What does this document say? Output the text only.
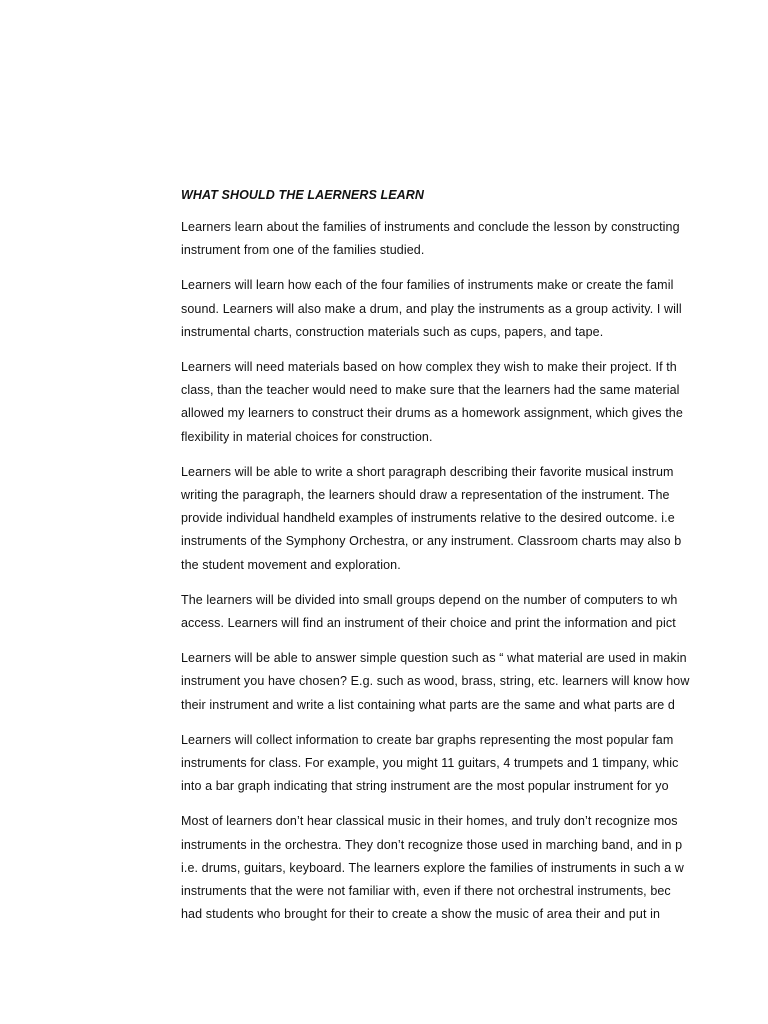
WHAT SHOULD THE LAERNERS LEARN
Learners learn about the families of instruments and conclude the lesson by constructing
instrument from one of the families studied.
Learners will learn how each of the four families of instruments make or create the famil
sound. Learners will also make a drum, and play the instruments as a group activity. I will
instrumental charts, construction materials such as cups, papers, and tape.
Learners will need materials based on how complex they wish to make their project. If th
class, than the teacher would need to make sure that the learners had the same material
allowed my learners to construct their drums as a homework assignment, which gives the
flexibility in material choices for construction.
Learners will be able to write a short paragraph describing their favorite musical instrum
writing the paragraph, the learners should draw a representation of the instrument. The
provide individual handheld examples of instruments relative to the desired outcome. i.e
instruments of the Symphony Orchestra, or any instrument. Classroom charts may also b
the student movement and exploration.
The learners will be divided into small groups depend on the number of computers to wh
access. Learners will find an instrument of their choice and print the information and pict
Learners will be able to answer simple question such as “ what material are used in makin
instrument you have chosen? E.g. such as wood, brass, string, etc. learners will know how
their instrument and write a list containing what parts are the same and what parts are d
Learners will collect information to create bar graphs representing the most popular fam
instruments for class. For example, you might 11 guitars, 4 trumpets and 1 timpany, whic
into a bar graph indicating that string instrument are the most popular instrument for yo
Most of learners don’t hear classical music in their homes, and truly don’t recognize mos
instruments in the orchestra. They don’t recognize those used in marching band, and in p
i.e. drums, guitars, keyboard. The learners explore the families of instruments in such a w
instruments that the were not familiar with, even if there not orchestral instruments, bec
had students who brought for their to create a show the music of area their and put in
